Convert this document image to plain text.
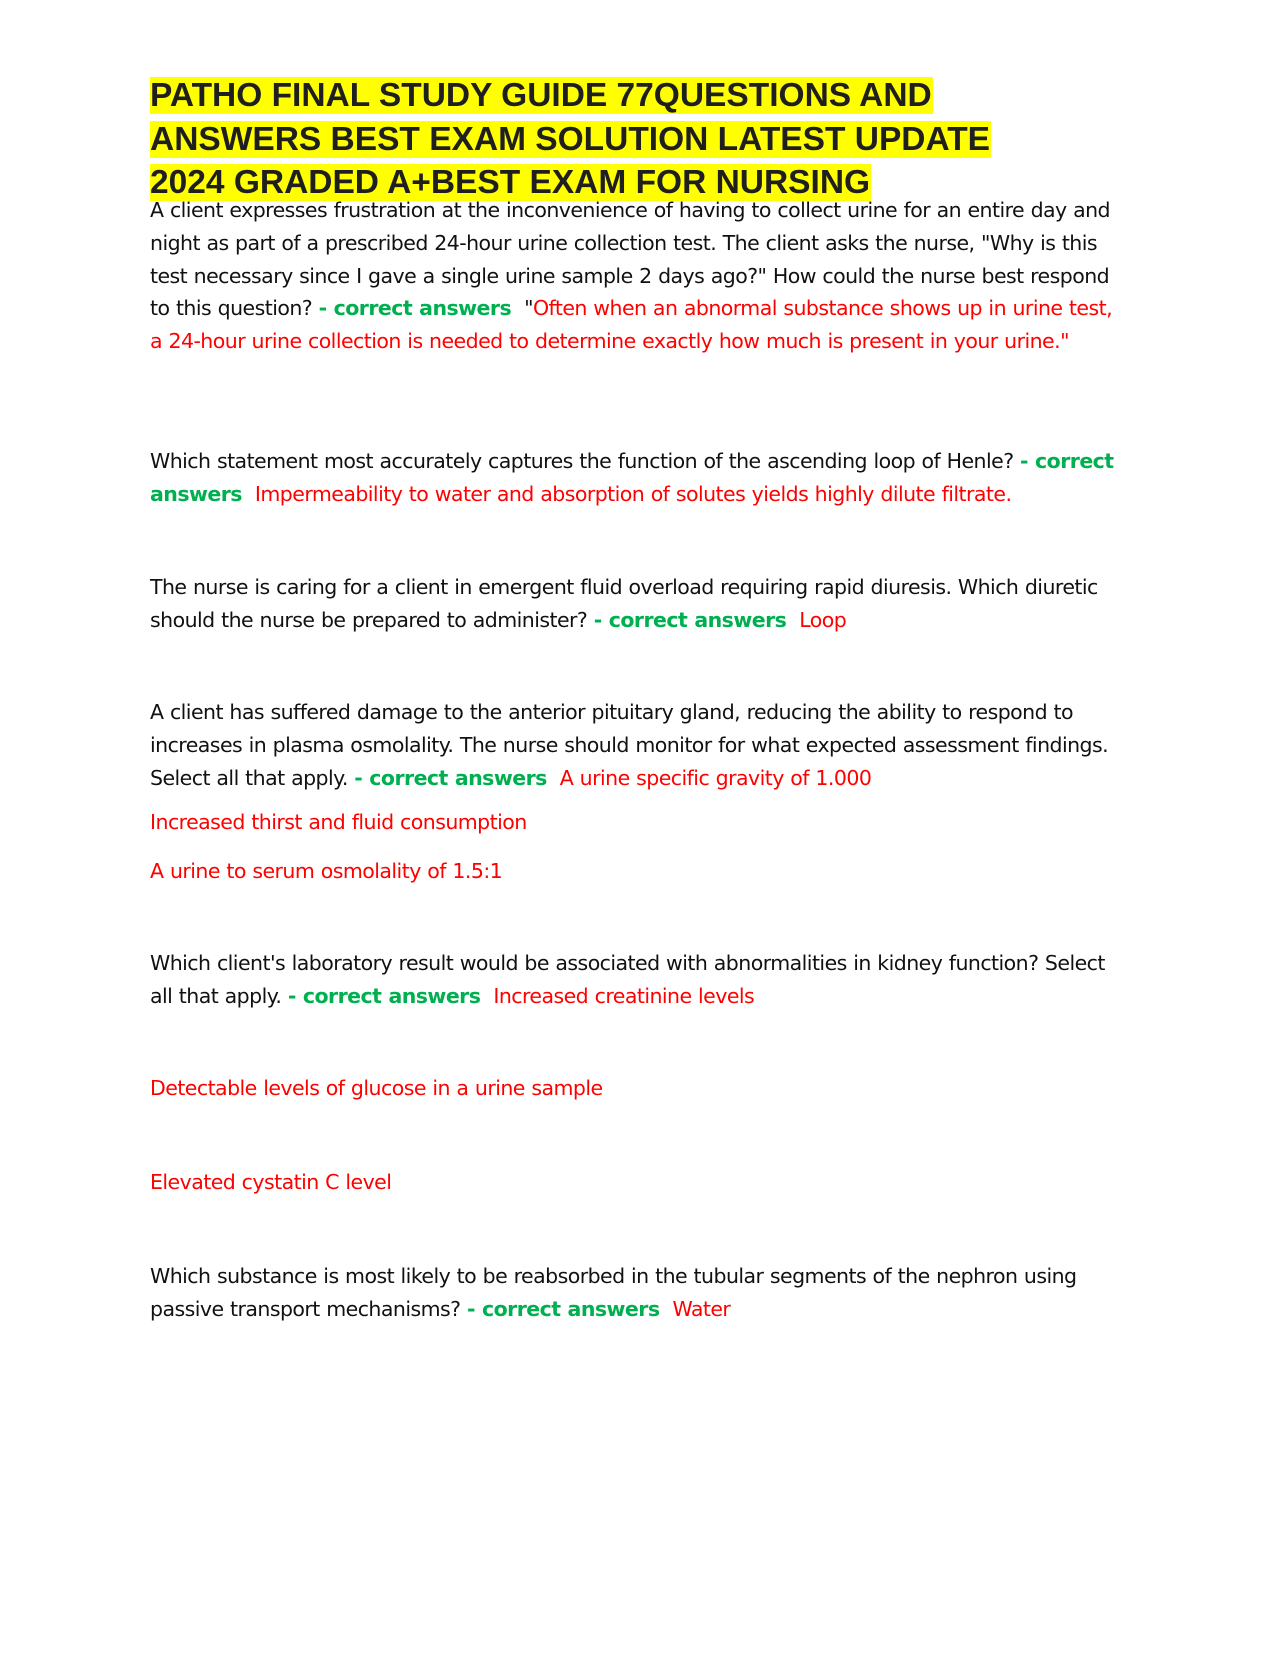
PATHO FINAL STUDY GUIDE 77QUESTIONS AND
ANSWERS BEST EXAM SOLUTION LATEST UPDATE
2024 GRADED A+BEST EXAM FOR NURSING

A client expresses frustration at the inconvenience of having to collect urine for an entire day and night as part of a prescribed 24-hour urine collection test. The client asks the nurse, "Why is this test necessary since I gave a single urine sample 2 days ago?" How could the nurse best respond to this question? - correct answers "Often when an abnormal substance shows up in urine test, a 24-hour urine collection is needed to determine exactly how much is present in your urine."

Which statement most accurately captures the function of the ascending loop of Henle? - correct answers Impermeability to water and absorption of solutes yields highly dilute filtrate.

The nurse is caring for a client in emergent fluid overload requiring rapid diuresis. Which diuretic should the nurse be prepared to administer? - correct answers Loop

A client has suffered damage to the anterior pituitary gland, reducing the ability to respond to increases in plasma osmolality. The nurse should monitor for what expected assessment findings. Select all that apply. - correct answers A urine specific gravity of 1.000

Increased thirst and fluid consumption

A urine to serum osmolality of 1.5:1

Which client's laboratory result would be associated with abnormalities in kidney function? Select all that apply. - correct answers Increased creatinine levels

Detectable levels of glucose in a urine sample

Elevated cystatin C level

Which substance is most likely to be reabsorbed in the tubular segments of the nephron using passive transport mechanisms? - correct answers Water
